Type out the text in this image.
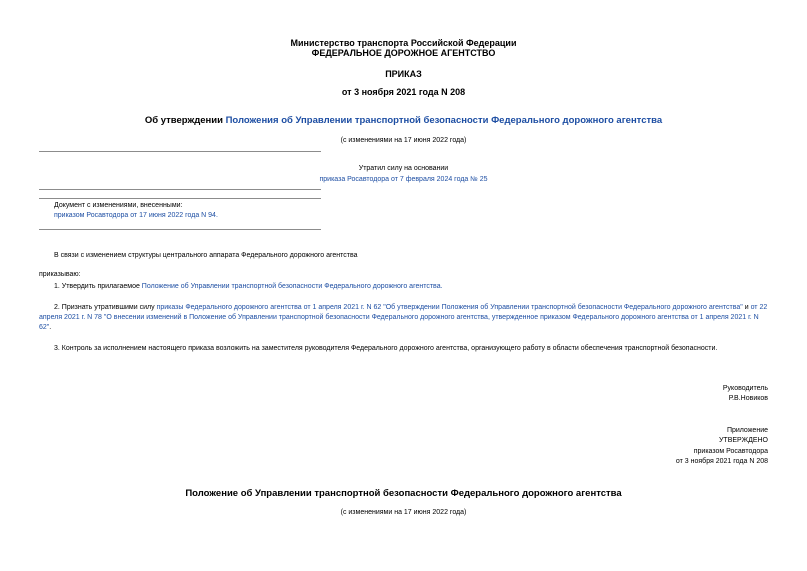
Министерство транспорта Российской Федерации
ФЕДЕРАЛЬНОЕ ДОРОЖНОЕ АГЕНТСТВО
ПРИКАЗ
от 3 ноября 2021 года N 208
Об утверждении Положения об Управлении транспортной безопасности Федерального дорожного агентства
(с изменениями на 17 июня 2022 года)
Утратил силу на основании
приказа Росавтодора от 7 февраля 2024 года № 25
Документ с изменениями, внесенными:
приказом Росавтодора от 17 июня 2022 года N 94.
В связи с изменением структуры центрального аппарата Федерального дорожного агентства
приказываю:
1. Утвердить прилагаемое Положение об Управлении транспортной безопасности Федерального дорожного агентства.
2. Признать утратившими силу приказы Федерального дорожного агентства от 1 апреля 2021 г. N 62 "Об утверждении Положения об Управлении транспортной безопасности Федерального дорожного агентства" и от 22 апреля 2021 г. N 78 "О внесении изменений в Положение об Управлении транспортной безопасности Федерального дорожного агентства, утвержденное приказом Федерального дорожного агентства от 1 апреля 2021 г. N 62".
3. Контроль за исполнением настоящего приказа возложить на заместителя руководителя Федерального дорожного агентства, организующего работу в области обеспечения транспортной безопасности.
Руководитель
Р.В.Новиков
Приложение
УТВЕРЖДЕНО
приказом Росавтодора
от 3 ноября 2021 года N 208
Положение об Управлении транспортной безопасности Федерального дорожного агентства
(с изменениями на 17 июня 2022 года)
